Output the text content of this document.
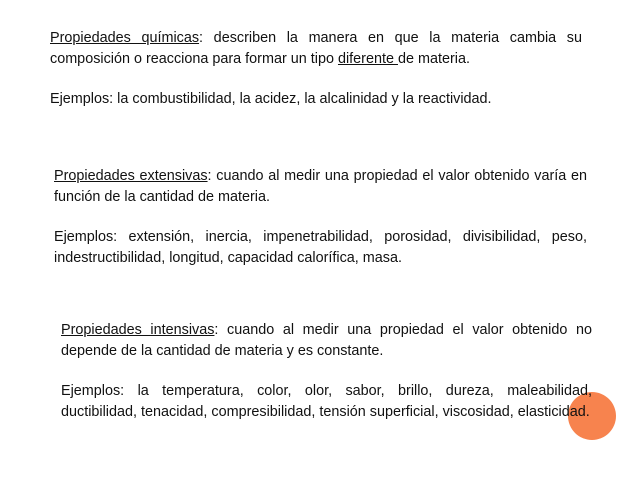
Propiedades químicas: describen la manera en que la materia cambia su composición o reacciona para formar un tipo diferente de materia.

Ejemplos: la combustibilidad, la acidez, la alcalinidad y la reactividad.

Propiedades extensivas: cuando al medir una propiedad el valor obtenido varía en función de la cantidad de materia.

Ejemplos: extensión, inercia, impenetrabilidad, porosidad, divisibilidad, peso, indestructibilidad, longitud, capacidad calorífica, masa.

Propiedades intensivas: cuando al medir una propiedad el valor obtenido no depende de la cantidad de materia y es constante.

Ejemplos: la temperatura, color, olor, sabor, brillo, dureza, maleabilidad, ductibilidad, tenacidad, compresibilidad, tensión superficial, viscosidad, elasticidad.
